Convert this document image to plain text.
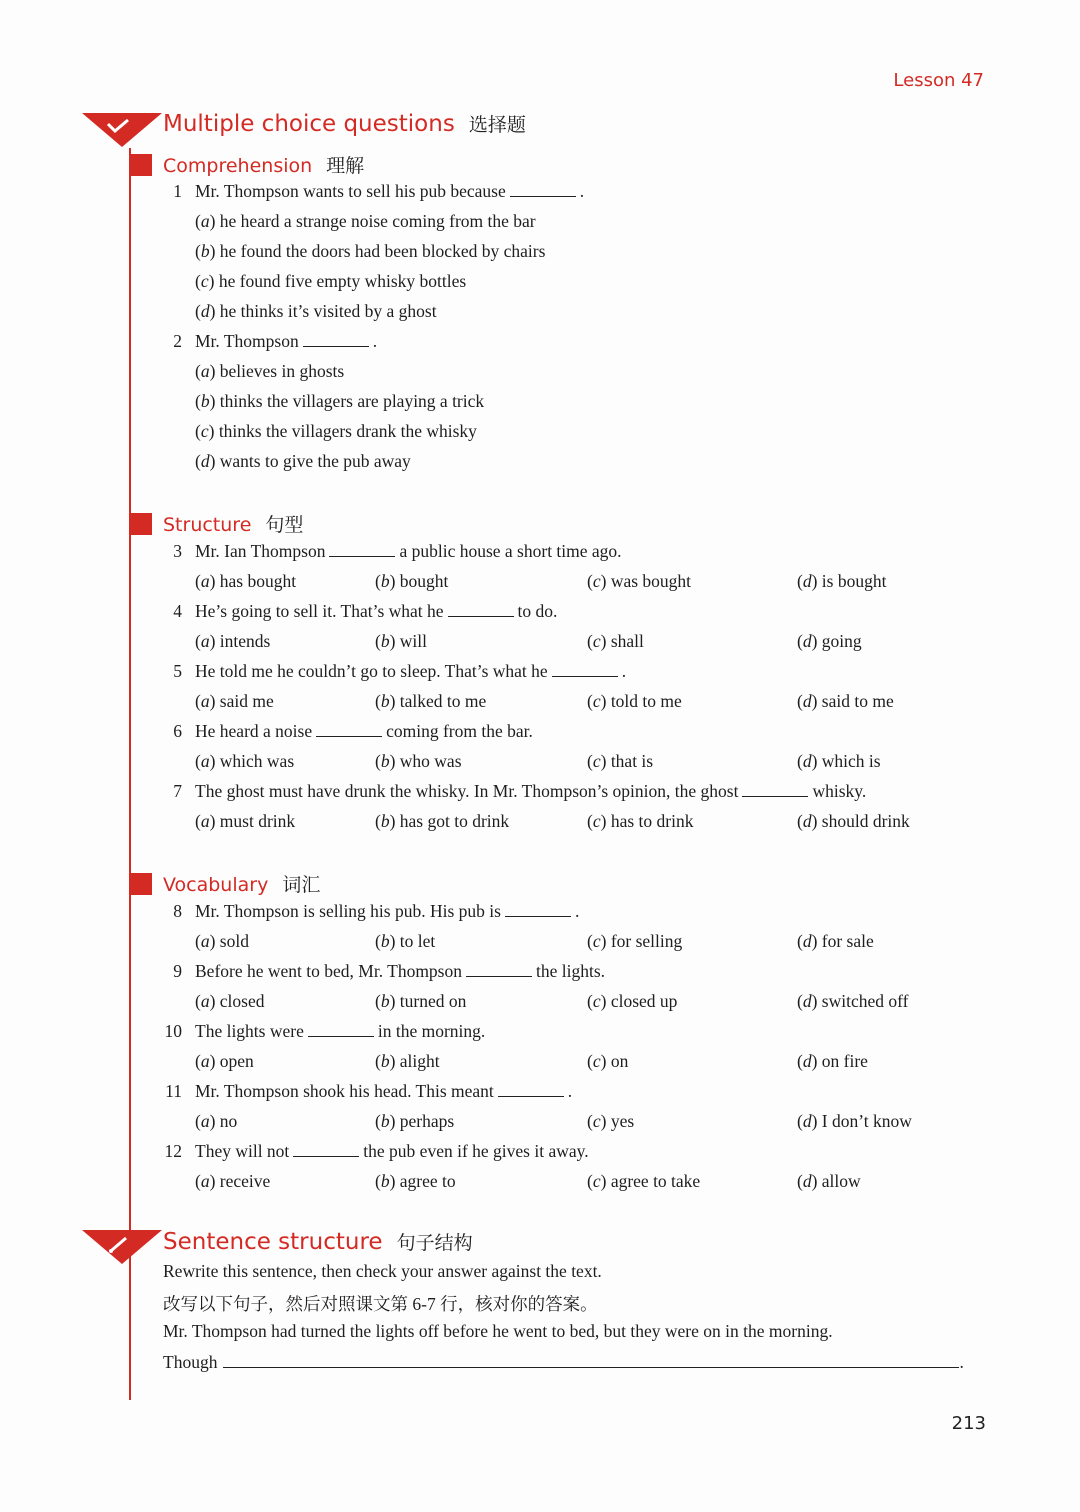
Lesson 47
Multiple choice questions 选择题
Comprehension 理解
1 Mr. Thompson wants to sell his pub because	.
(a) he heard a strange noise coming from the bar
(b) he found the doors had been blocked by chairs
(c) he found five empty whisky bottles
(d) he thinks it’s visited by a ghost
2 Mr. Thompson	.
(a) believes in ghosts
(b) thinks the villagers are playing a trick
(c) thinks the villagers drank the whisky
(d) wants to give the pub away
Structure 句型
3 Mr. Ian Thompson	a public house a short time ago.
(a) has bought	(b) bought	(c) was bought	(d) is bought
4 He’s going to sell it. That’s what he	to do.
(a) intends	(b) will	(c) shall	(d) going
5 He told me he couldn’t go to sleep. That’s what he	.
(a) said me	(b) talked to me	(c) told to me	(d) said to me
6 He heard a noise	coming from the bar.
(a) which was	(b) who was	(c) that is	(d) which is
7 The ghost must have drunk the whisky. In Mr. Thompson’s opinion, the ghost	whisky.
(a) must drink	(b) has got to drink	(c) has to drink	(d) should drink
Vocabulary 词汇
8 Mr. Thompson is selling his pub. His pub is	.
(a) sold	(b) to let	(c) for selling	(d) for sale
9 Before he went to bed, Mr. Thompson	the lights.
(a) closed	(b) turned on	(c) closed up	(d) switched off
10 The lights were	in the morning.
(a) open	(b) alight	(c) on	(d) on fire
11 Mr. Thompson shook his head. This meant	.
(a) no	(b) perhaps	(c) yes	(d) I don’t know
12 They will not	the pub even if he gives it away.
(a) receive	(b) agree to	(c) agree to take	(d) allow
Sentence structure 句子结构
Rewrite this sentence, then check your answer against the text.
改写以下句子，然后对照课文第 6-7 行，核对你的答案。
Mr. Thompson had turned the lights off before he went to bed, but they were on in the morning.
Though	.
213
